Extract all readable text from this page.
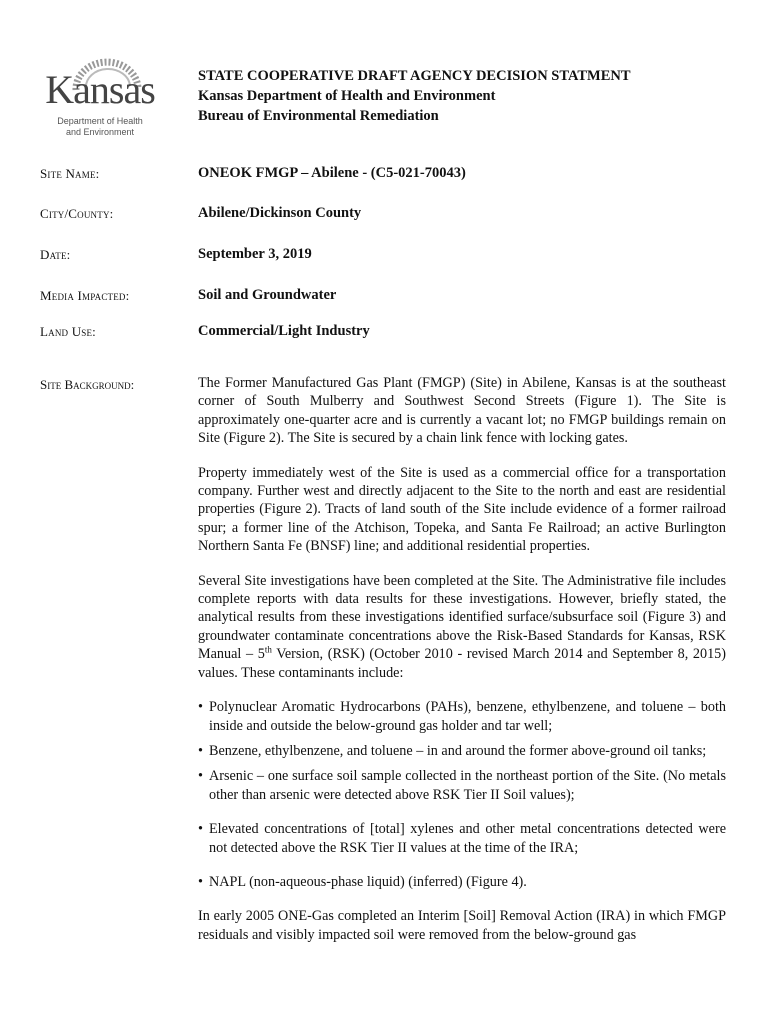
Kansas
Department of Health
and Environment
STATE COOPERATIVE DRAFT AGENCY DECISION STATMENT
Kansas Department of Health and Environment
Bureau of Environmental Remediation
Site Name:	ONEOK FMGP – Abilene - (C5-021-70043)
City/County:	Abilene/Dickinson County
Date:	September 3, 2019
Media Impacted:	Soil and Groundwater
Land Use:	Commercial/Light Industry
Site Background:	The Former Manufactured Gas Plant (FMGP) (Site) in Abilene, Kansas is at the southeast corner of South Mulberry and Southwest Second Streets (Figure 1). The Site is approximately one-quarter acre and is currently a vacant lot; no FMGP buildings remain on Site (Figure 2). The Site is secured by a chain link fence with locking gates.

Property immediately west of the Site is used as a commercial office for a transportation company. Further west and directly adjacent to the Site to the north and east are residential properties (Figure 2). Tracts of land south of the Site include evidence of a former railroad spur; a former line of the Atchison, Topeka, and Santa Fe Railroad; an active Burlington Northern Santa Fe (BNSF) line; and additional residential properties.

Several Site investigations have been completed at the Site. The Administrative file includes complete reports with data results for these investigations. However, briefly stated, the analytical results from these investigations identified surface/subsurface soil (Figure 3) and groundwater contaminate concentrations above the Risk-Based Standards for Kansas, RSK Manual – 5th Version, (RSK) (October 2010 - revised March 2014 and September 8, 2015) values. These contaminants include:

• Polynuclear Aromatic Hydrocarbons (PAHs), benzene, ethylbenzene, and toluene – both inside and outside the below-ground gas holder and tar well;
• Benzene, ethylbenzene, and toluene – in and around the former above-ground oil tanks;
• Arsenic – one surface soil sample collected in the northeast portion of the Site. (No metals other than arsenic were detected above RSK Tier II Soil values);
• Elevated concentrations of [total] xylenes and other metal concentrations detected were not detected above the RSK Tier II values at the time of the IRA;
• NAPL (non-aqueous-phase liquid) (inferred) (Figure 4).

In early 2005 ONE-Gas completed an Interim [Soil] Removal Action (IRA) in which FMGP residuals and visibly impacted soil were removed from the below-ground gas
